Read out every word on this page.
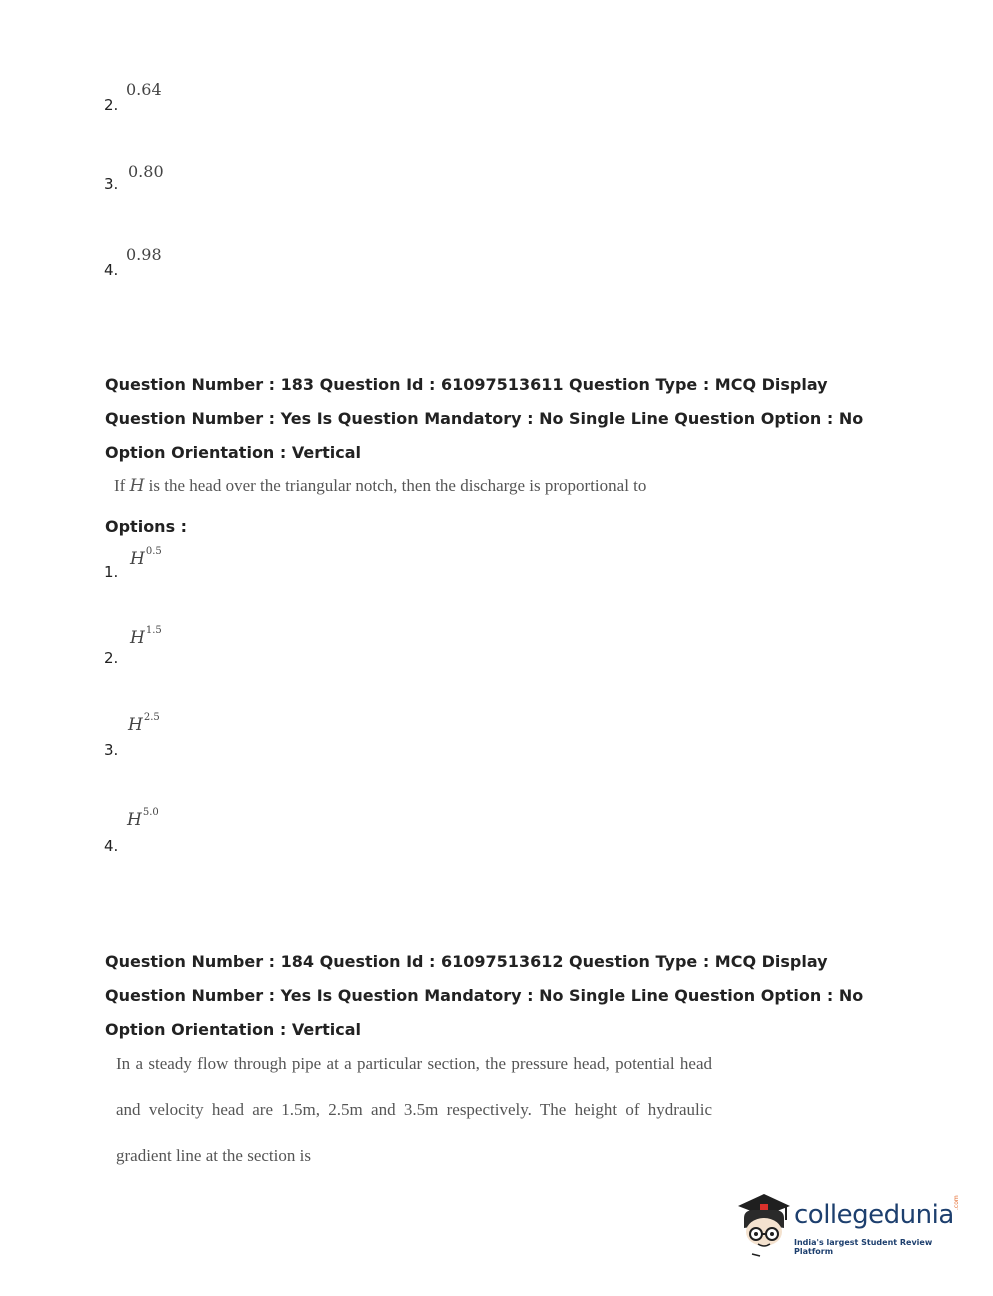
0.64
2.
0.80
3.
0.98
4.
Question Number : 183 Question Id : 61097513611 Question Type : MCQ Display Question Number : Yes Is Question Mandatory : No Single Line Question Option : No Option Orientation : Vertical
If H is the head over the triangular notch, then the discharge is proportional to
Options :
$H^{0.5}$
1.
$H^{1.5}$
2.
$H^{2.5}$
3.
$H^{5.0}$
4.
Question Number : 184 Question Id : 61097513612 Question Type : MCQ Display Question Number : Yes Is Question Mandatory : No Single Line Question Option : No Option Orientation : Vertical
In a steady flow through pipe at a particular section, the pressure head, potential head and velocity head are 1.5m, 2.5m and 3.5m respectively. The height of hydraulic gradient line at the section is
collegedunia .com
India's largest Student Review Platform
